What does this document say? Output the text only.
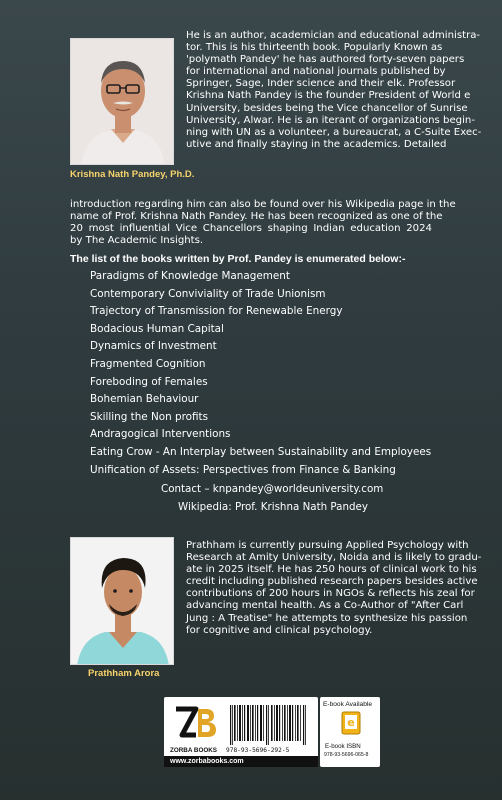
Krishna Nath Pandey, Ph.D.
He is an author, academician and educational administra-
tor. This is his thirteenth book. Popularly Known as
'polymath Pandey' he has authored forty-seven papers
for international and national journals published by
Springer, Sage, Inder science and their elk. Professor
Krishna Nath Pandey is the founder President of World e
University, besides being the Vice chancellor of Sunrise
University, Alwar. He is an iterant of organizations begin-
ning with UN as a volunteer, a bureaucrat, a C-Suite Exec-
utive and finally staying in the academics. Detailed
introduction regarding him can also be found over his Wikipedia page in the
name of Prof. Krishna Nath Pandey. He has been recognized as one of the
20 most influential Vice Chancellors shaping Indian education 2024
by The Academic Insights.
The list of the books written by Prof. Pandey is enumerated below:-
Paradigms of Knowledge Management
Contemporary Conviviality of Trade Unionism
Trajectory of Transmission for Renewable Energy
Bodacious Human Capital
Dynamics of Investment
Fragmented Cognition
Foreboding of Females
Bohemian Behaviour
Skilling the Non profits
Andragogical Interventions
Eating Crow - An Interplay between Sustainability and Employees
Unification of Assets: Perspectives from Finance & Banking
Contact – knpandey@worldeuniversity.com
Wikipedia: Prof. Krishna Nath Pandey
Prathham Arora
Prathham is currently pursuing Applied Psychology with
Research at Amity University, Noida and is likely to gradu-
ate in 2025 itself. He has 250 hours of clinical work to his
credit including published research papers besides active
contributions of 200 hours in NGOs & reflects his zeal for
advancing mental health. As a Co-Author of "After Carl
Jung : A Treatise" he attempts to synthesize his passion
for cognitive and clinical psychology.
ZORBA BOOKS 978-93-5696-292-5
www.zorbabooks.com
E-book Available
e
E-book ISBN
978-93-5696-065-8
